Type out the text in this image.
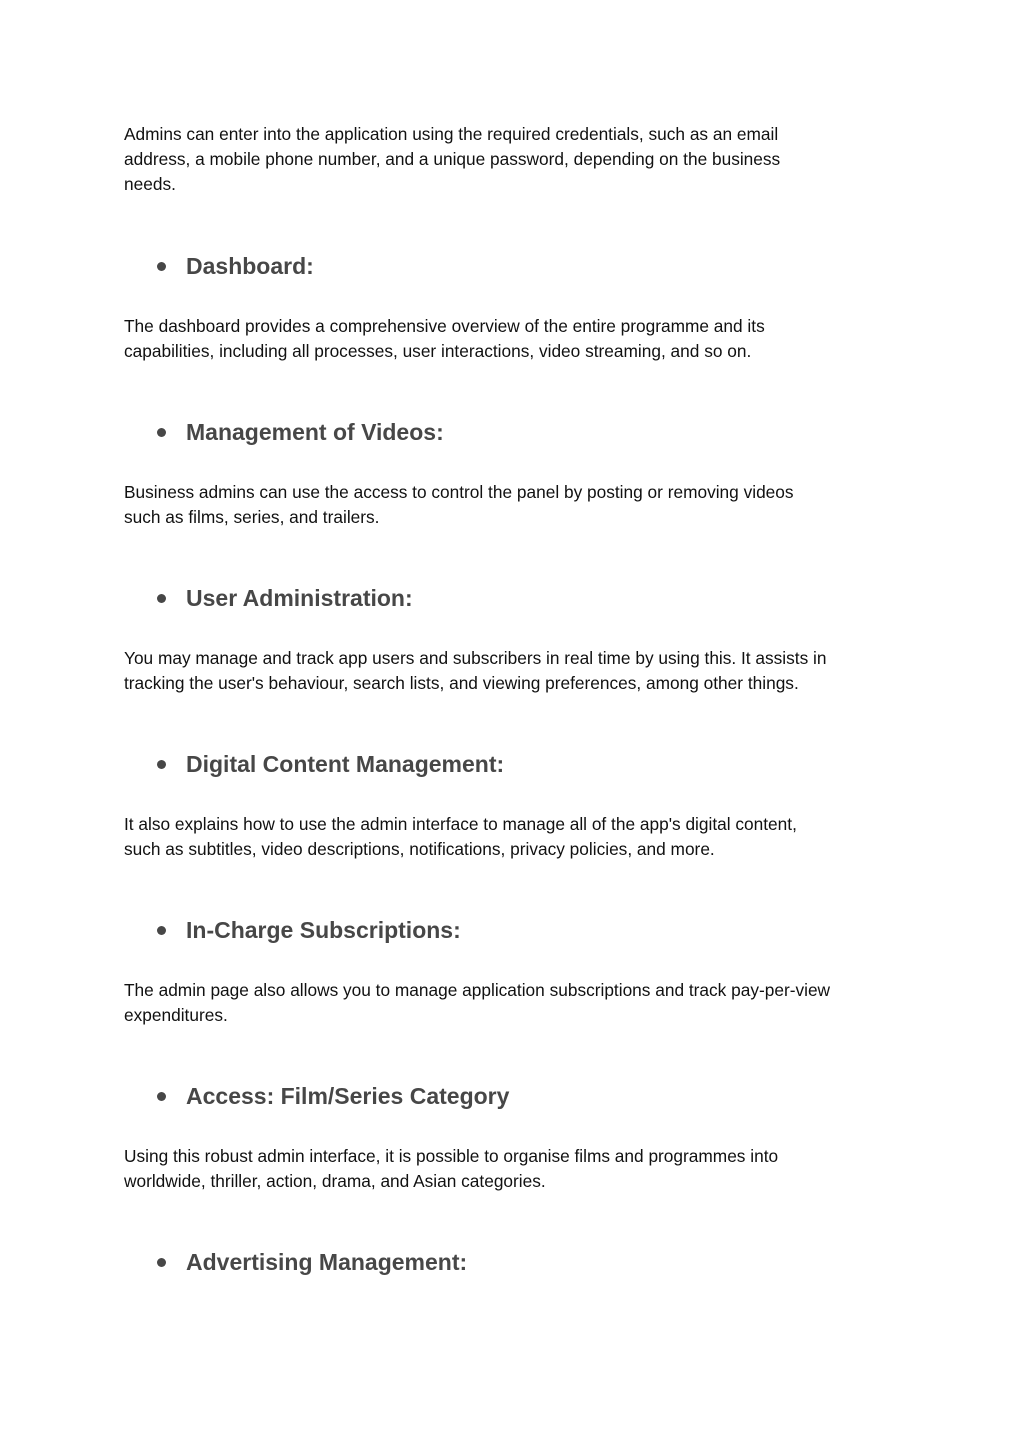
Admins can enter into the application using the required credentials, such as an email
address, a mobile phone number, and a unique password, depending on the business
needs.

Dashboard:

The dashboard provides a comprehensive overview of the entire programme and its
capabilities, including all processes, user interactions, video streaming, and so on.

Management of Videos:

Business admins can use the access to control the panel by posting or removing videos
such as films, series, and trailers.

User Administration:

You may manage and track app users and subscribers in real time by using this. It assists in
tracking the user's behaviour, search lists, and viewing preferences, among other things.

Digital Content Management:

It also explains how to use the admin interface to manage all of the app's digital content,
such as subtitles, video descriptions, notifications, privacy policies, and more.

In-Charge Subscriptions:

The admin page also allows you to manage application subscriptions and track pay-per-view
expenditures.

Access: Film/Series Category

Using this robust admin interface, it is possible to organise films and programmes into
worldwide, thriller, action, drama, and Asian categories.

Advertising Management:
